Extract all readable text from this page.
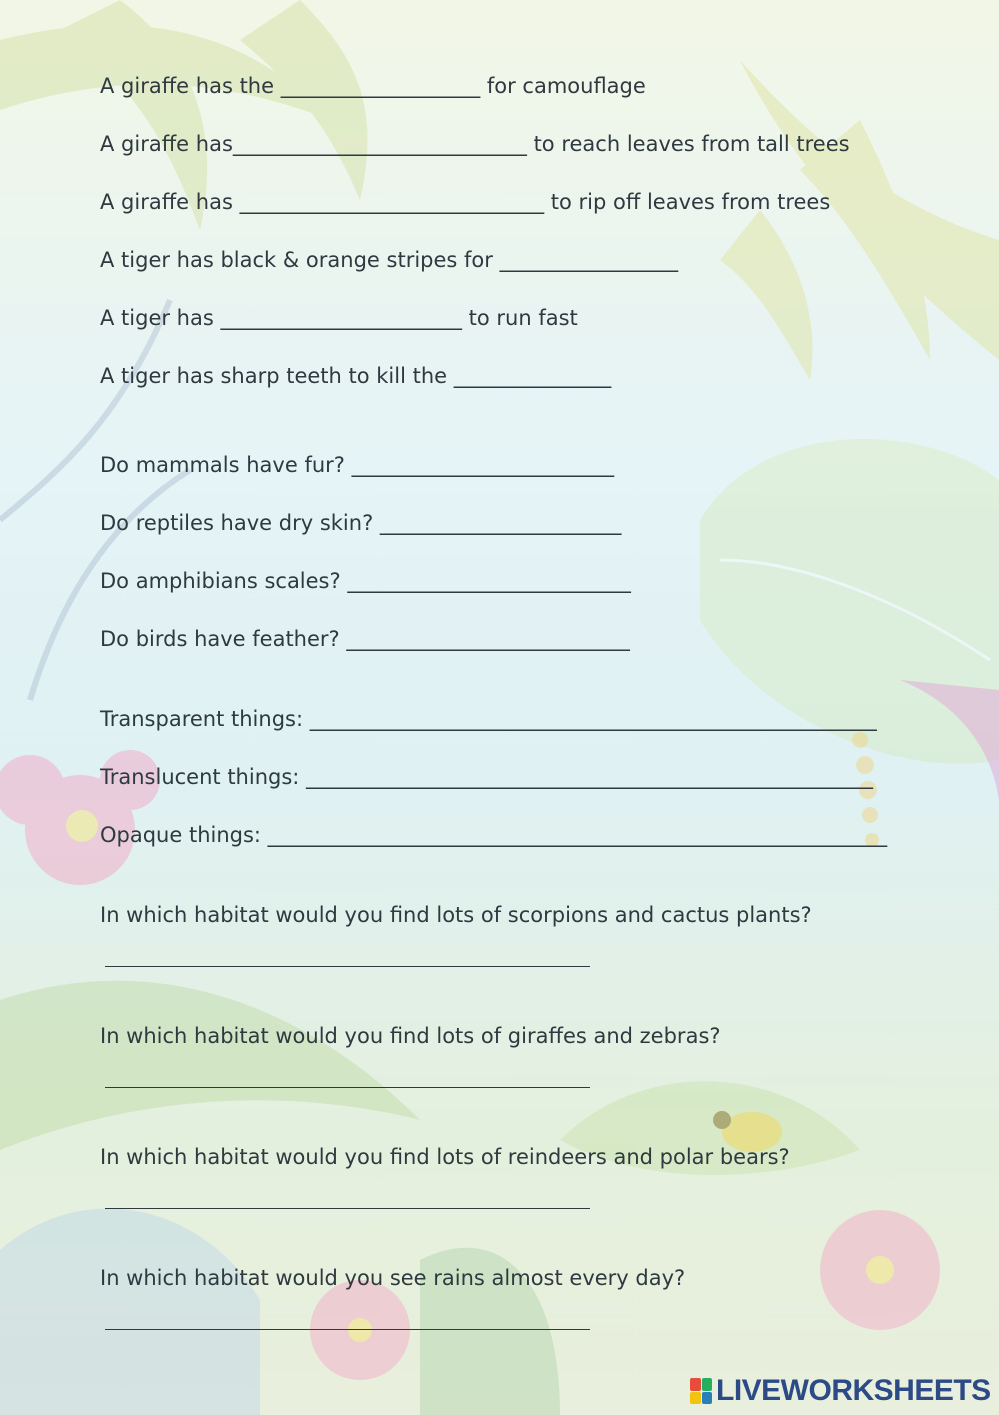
A giraffe has the ___________________ for camouflage
A giraffe has____________________________ to reach leaves from tall trees
A giraffe has _____________________________ to rip off leaves from trees
A tiger has black & orange stripes for _________________
A tiger has _______________________ to run fast
A tiger has sharp teeth to kill the _______________
Do mammals have fur? _________________________
Do reptiles have dry skin? _______________________
Do amphibians scales? ___________________________
Do birds have feather? ___________________________
Transparent things: ______________________________________________________
Translucent things: ______________________________________________________
Opaque things: ___________________________________________________________
In which habitat would you find lots of scorpions and cactus plants?
In which habitat would you find lots of giraffes and zebras?
In which habitat would you find lots of reindeers and polar bears?
In which habitat would you see rains almost every day?
LIVEWORKSHEETS
